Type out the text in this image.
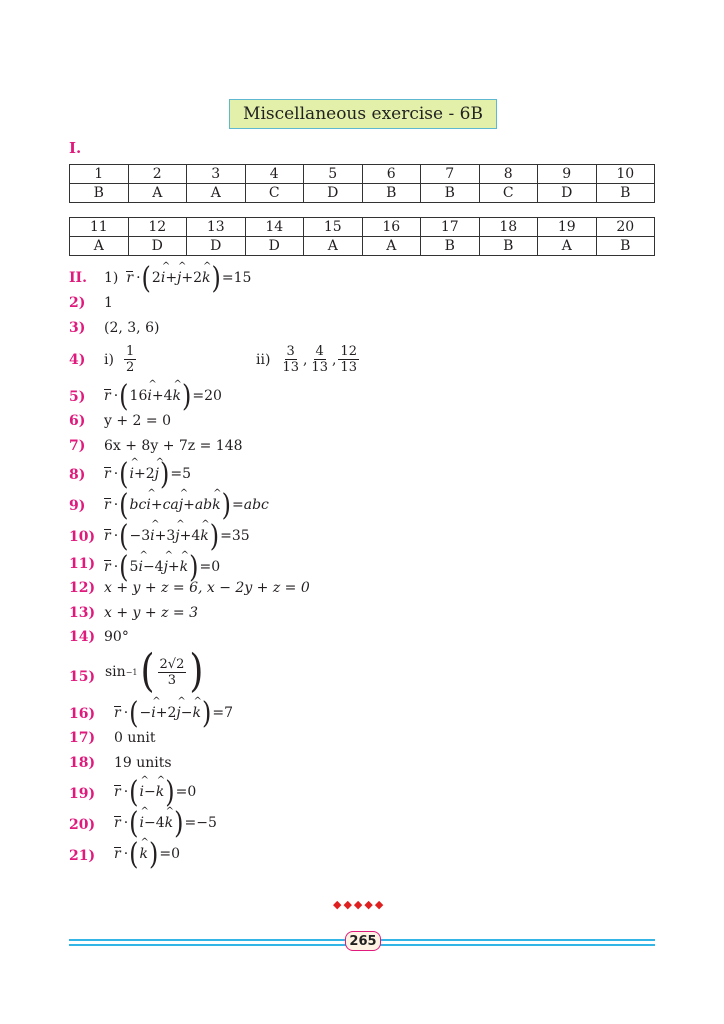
Miscellaneous exercise - 6B
I.
1	2	3	4	5	6	7	8	9	10
B	A	A	C	D	B	B	C	D	B
11	12	13	14	15	16	17	18	19	20
A	D	D	D	A	A	B	B	A	B
II. 1) r · ( 2 ^ i + ^ j +2 ^ k ) = 15
2) 1
3) (2, 3, 6)
4) $i) \frac{1}{2}$	$ii) \frac{3}{13}$ , $\frac{4}{13}$ , $\frac{12}{13}$
5) r · ( 16 ^ i +4 ^ k ) = 20
6) y + 2 = 0
7) 6x + 8y + 7z = 148
8) r · ( ^ i +2 ^ j ) = 5
9) r · ( bc ^ i + ca ^ j + ab ^ k ) = abc
10) r · ( −3 ^ i +3 ^ j +4 ^ k ) = 35
11) r · ( 5 ^ i −4 ^ j + ^ k ) = 0
12) x + y + z = 6, x − 2y + z = 0
13) x + y + z = 3
14) 90°
15) sin −1 ( $\frac{2√2}{3}$ )
16) r · ( − ^ i +2 ^ j − ^ k ) = 7
17) 0 unit
18) 19 units
19) r · ( ^ i − ^ k ) = 0
20) r · ( ^ i −4 ^ k ) = −5
21) r · ( ^ k ) = 0
◆◆◆◆◆
265
